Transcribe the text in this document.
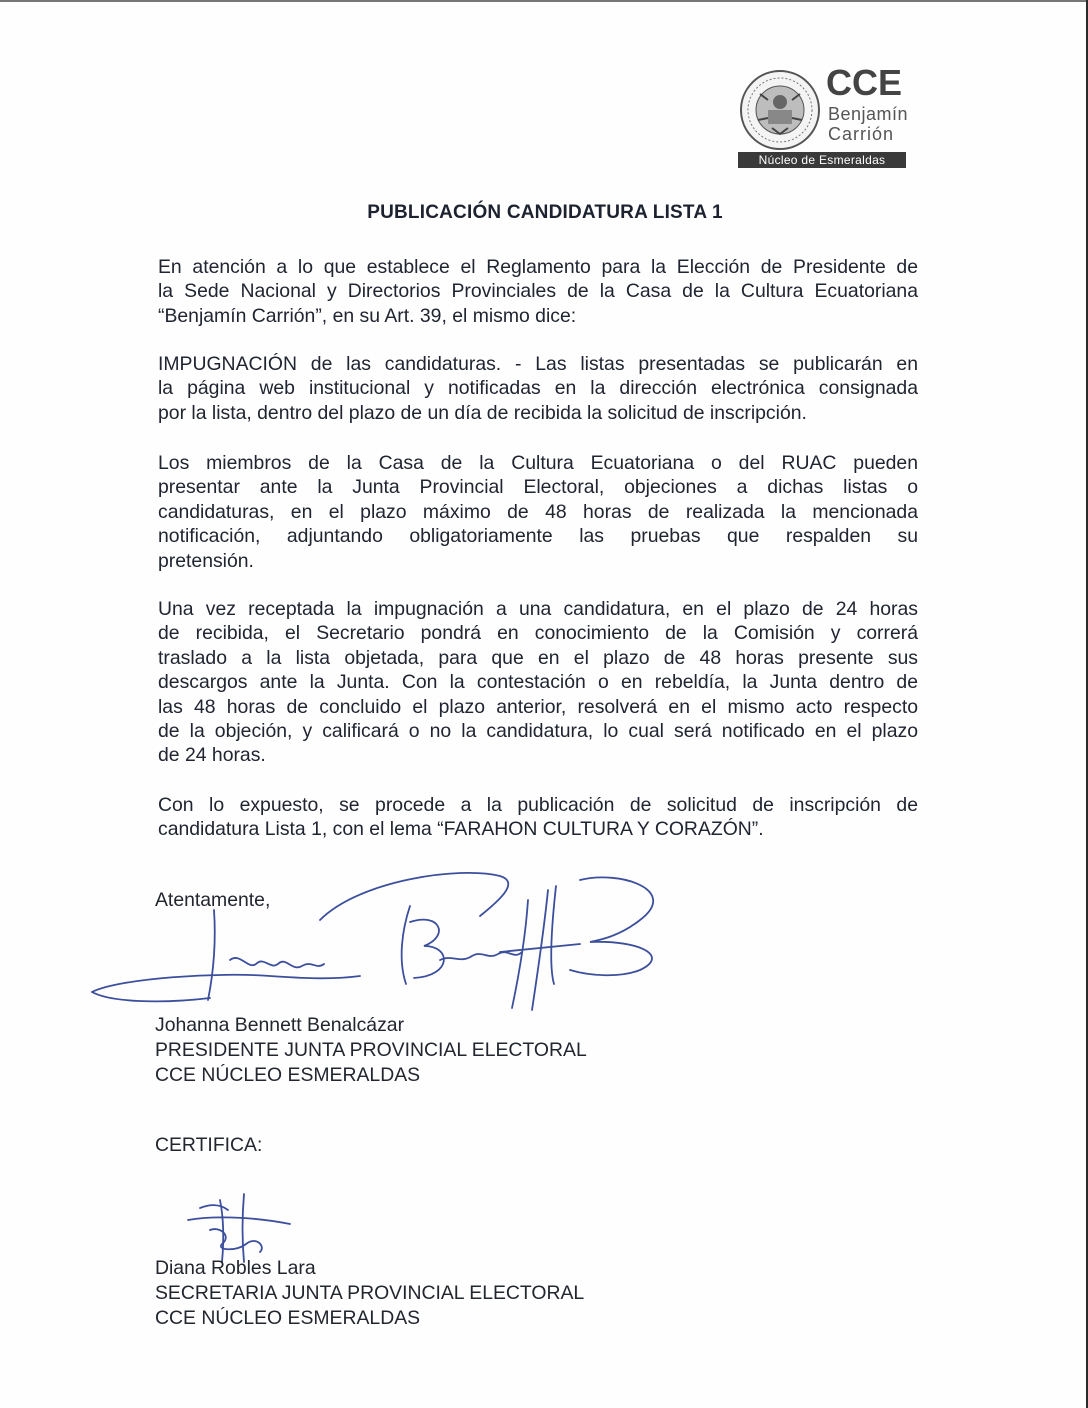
CCE
Benjamín
Carrión
Núcleo de Esmeraldas
PUBLICACIÓN CANDIDATURA LISTA 1
En atención a lo que establece el Reglamento para la Elección de Presidente de
la Sede Nacional y Directorios Provinciales de la Casa de la Cultura Ecuatoriana
“Benjamín Carrión”, en su Art. 39, el mismo dice:
IMPUGNACIÓN de las candidaturas. - Las listas presentadas se publicarán en
la página web institucional y notificadas en la dirección electrónica consignada
por la lista, dentro del plazo de un día de recibida la solicitud de inscripción.
Los miembros de la Casa de la Cultura Ecuatoriana o del RUAC pueden
presentar ante la Junta Provincial Electoral, objeciones a dichas listas o
candidaturas, en el plazo máximo de 48 horas de realizada la mencionada
notificación, adjuntando obligatoriamente las pruebas que respalden su
pretensión.
Una vez receptada la impugnación a una candidatura, en el plazo de 24 horas
de recibida, el Secretario pondrá en conocimiento de la Comisión y correrá
traslado a la lista objetada, para que en el plazo de 48 horas presente sus
descargos ante la Junta. Con la contestación o en rebeldía, la Junta dentro de
las 48 horas de concluido el plazo anterior, resolverá en el mismo acto respecto
de la objeción, y calificará o no la candidatura, lo cual será notificado en el plazo
de 24 horas.
Con lo expuesto, se procede a la publicación de solicitud de inscripción de
candidatura Lista 1, con el lema “FARAHON CULTURA Y CORAZÓN”.
Atentamente,
Johanna Bennett Benalcázar
PRESIDENTE JUNTA PROVINCIAL ELECTORAL
CCE NÚCLEO ESMERALDAS
CERTIFICA:
Diana Robles Lara
SECRETARIA JUNTA PROVINCIAL ELECTORAL
CCE NÚCLEO ESMERALDAS
